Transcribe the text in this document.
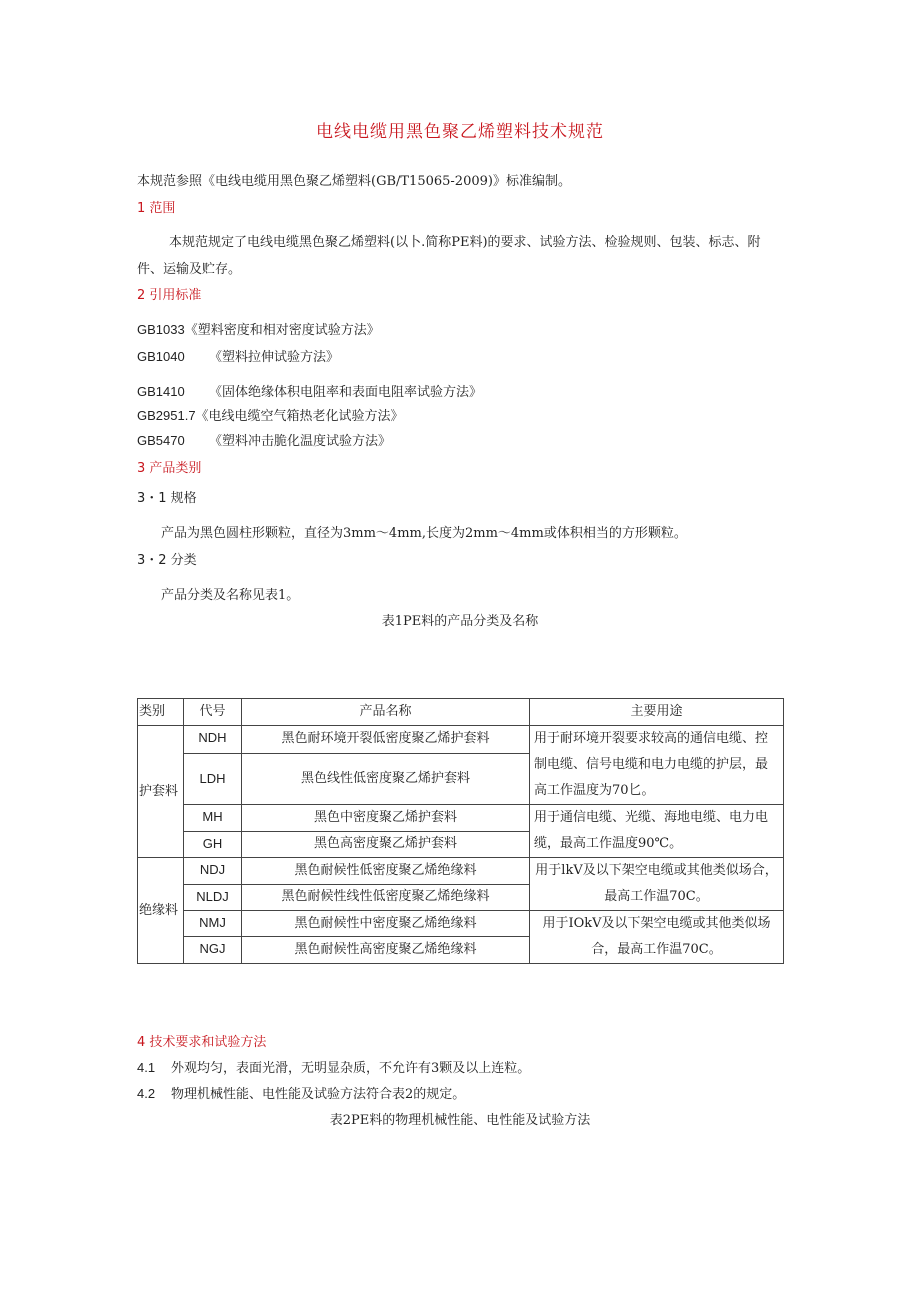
电线电缆用黑色聚乙烯塑料技术规范
本规范参照《电线电缆用黑色聚乙烯塑料(GB/T15065-2009)》标准编制。
1 范围
本规范规定了电线电缆黑色聚乙烯塑料(以卜.简称PE料)的要求、试验方法、检验规则、包装、标志、附件、运输及贮存。
2 引用标准
GB1033《塑料密度和相对密度试验方法》
GB1040 《塑料拉伸试验方法》
GB1410 《固体绝缘体积电阻率和表面电阻率试验方法》
GB2951.7《电线电缆空气箱热老化试验方法》
GB5470 《塑料冲击脆化温度试验方法》
3 产品类别
3・1 规格
产品为黑色圆柱形颗粒，直径为3mm～4mm,长度为2mm～4mm或体积相当的方形颗粒。
3・2 分类
产品分类及名称见表1。
表1PE料的产品分类及名称
类别	代号	产品名称	主要用途
护套料	NDH	黑色耐环境开裂低密度聚乙烯护套料	用于耐环境开裂要求较高的通信电缆、控制电缆、信号电缆和电力电缆的护层，最高工作温度为70匕。
	LDH	黑色线性低密度聚乙烯护套料	
	MH	黑色中密度聚乙烯护套料	用于通信电缆、光缆、海地电缆、电力电缆，最高工作温度90℃。
	GH	黑色高密度聚乙烯护套料	
绝缘料	NDJ	黑色耐候性低密度聚乙烯绝缘料	用于lkV及以下架空电缆或其他类似场合，最高工作温70C。
	NLDJ	黑色耐候性线性低密度聚乙烯绝缘料	
	NMJ	黑色耐候性中密度聚乙烯绝缘料	用于IOkV及以下架空电缆或其他类似场合，最高工作温70C。
	NGJ	黑色耐候性高密度聚乙烯绝缘料	
4 技术要求和试验方法
4.1 外观均匀，表面光滑，无明显杂质，不允许有3颗及以上连粒。
4.2 物理机械性能、电性能及试验方法符合表2的规定。
表2PE料的物理机械性能、电性能及试验方法
